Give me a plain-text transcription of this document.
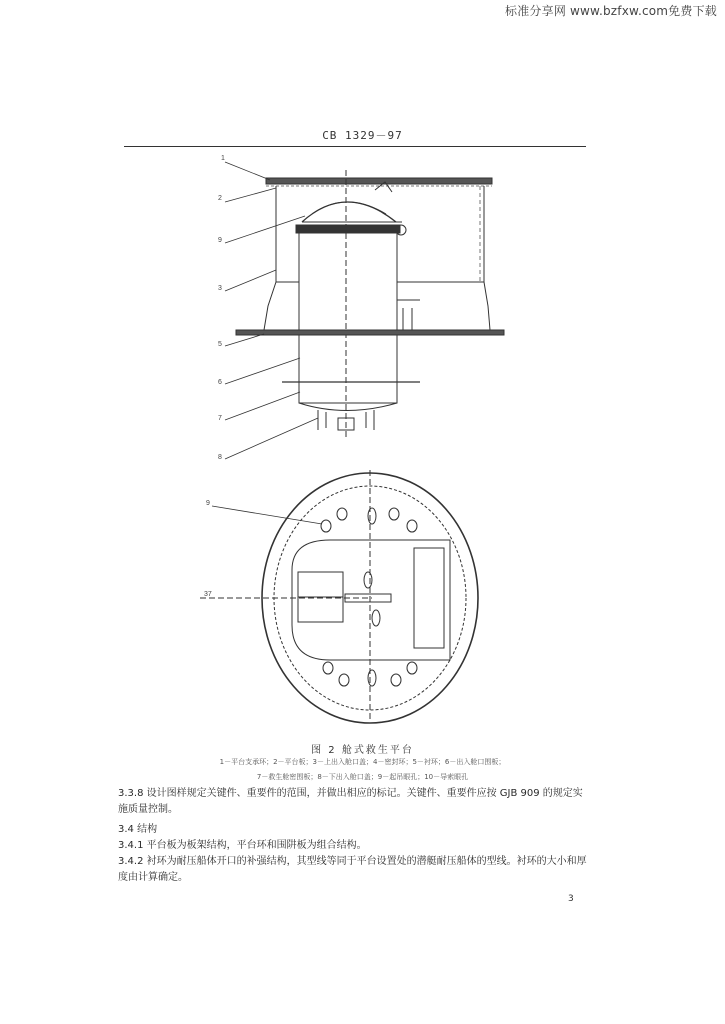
标准分享网 www.bzfxw.com免费下载
CB 1329－97
1
2
9
3
5
6
7
8
9
37
图 2 舱式救生平台
1－平台支承环；2－平台板；3－上出入舱口盖；4－密封环；5－衬环；6－出入舱口围板；
7－救生舱密围板；8－下出入舱口盖；9－起吊眼孔；10－导索眼孔
3.3.8 设计图样规定关键件、重要件的范围，并做出相应的标记。关键件、重要件应按 GJB 909 的规定实施质量控制。
3.4 结构
3.4.1 平台板为板架结构，平台环和围阱板为组合结构。
3.4.2 衬环为耐压船体开口的补强结构，其型线等同于平台设置处的潜艇耐压船体的型线。衬环的大小和厚度由计算确定。
3
